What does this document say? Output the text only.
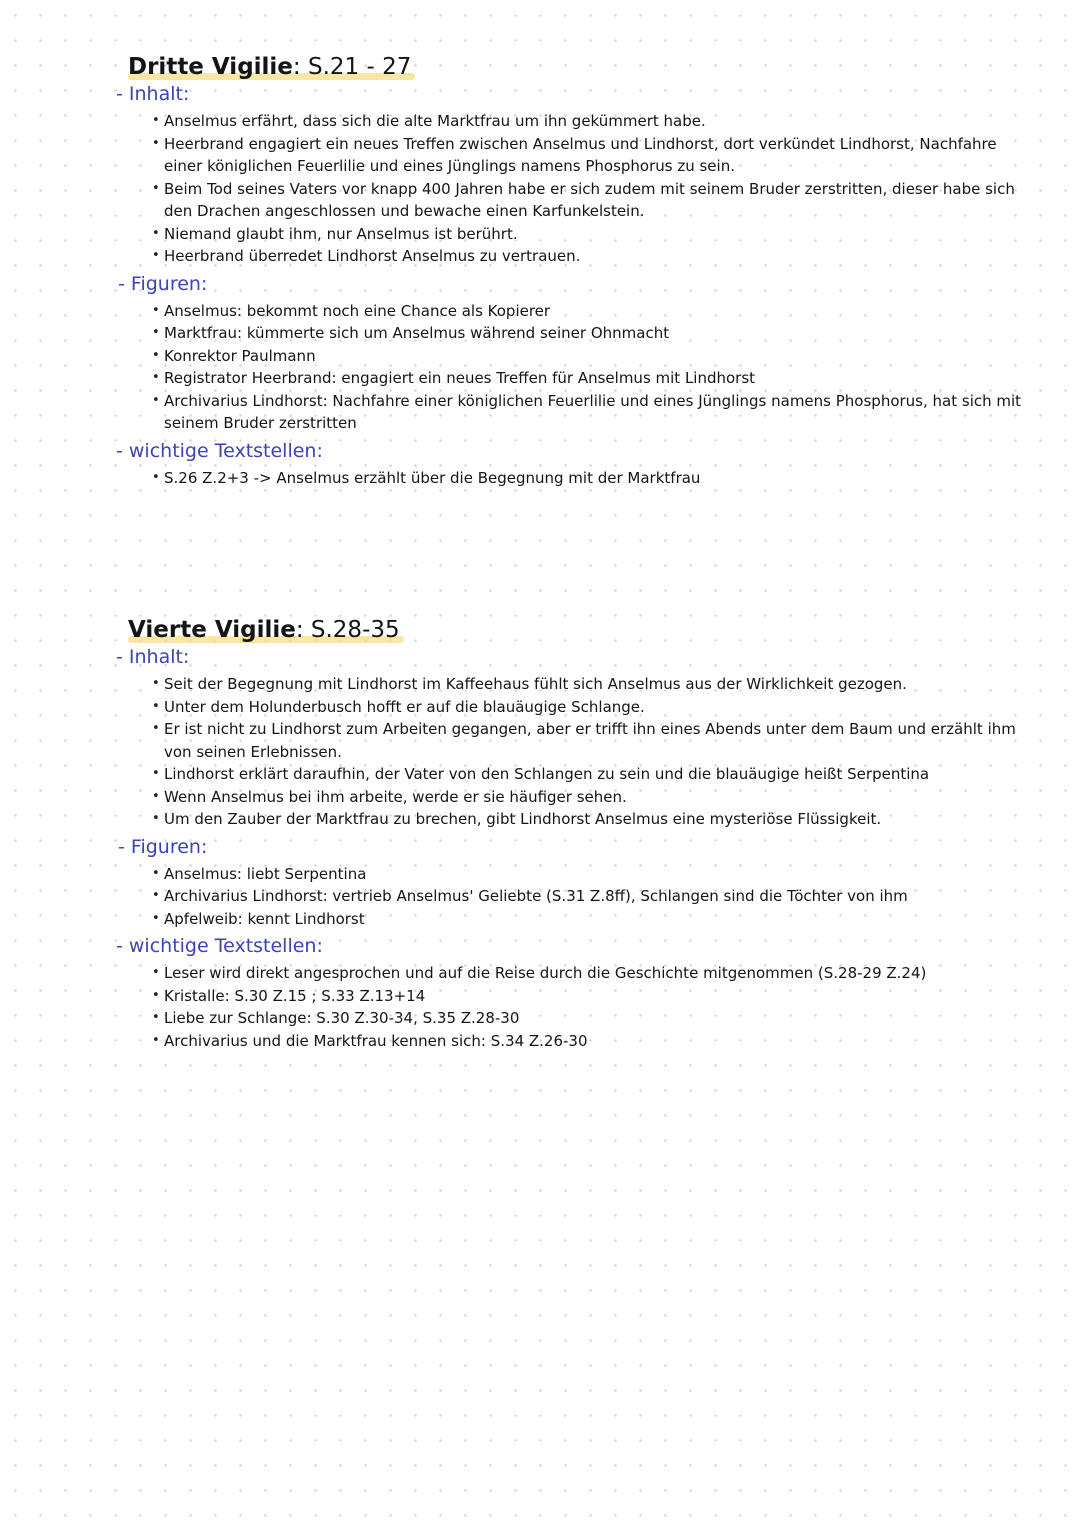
Dritte Vigilie: S.21 - 27
- Inhalt:
• Anselmus erfährt, dass sich die alte Marktfrau um ihn gekümmert habe.
• Heerbrand engagiert ein neues Treffen zwischen Anselmus und Lindhorst, dort verkündet Lindhorst, Nachfahre einer königlichen Feuerlilie und eines Jünglings namens Phosphorus zu sein.
• Beim Tod seines Vaters vor knapp 400 Jahren habe er sich zudem mit seinem Bruder zerstritten, dieser habe sich den Drachen angeschlossen und bewache einen Karfunkelstein.
• Niemand glaubt ihm, nur Anselmus ist berührt.
• Heerbrand überredet Lindhorst Anselmus zu vertrauen.
- Figuren:
• Anselmus: bekommt noch eine Chance als Kopierer
• Marktfrau: kümmerte sich um Anselmus während seiner Ohnmacht
• Konrektor Paulmann
• Registrator Heerbrand: engagiert ein neues Treffen für Anselmus mit Lindhorst
• Archivarius Lindhorst: Nachfahre einer königlichen Feuerlilie und eines Jünglings namens Phosphorus, hat sich mit seinem Bruder zerstritten
- wichtige Textstellen:
• S.26 Z.2+3 -> Anselmus erzählt über die Begegnung mit der Marktfrau
Vierte Vigilie: S.28-35
- Inhalt:
• Seit der Begegnung mit Lindhorst im Kaffeehaus fühlt sich Anselmus aus der Wirklichkeit gezogen.
• Unter dem Holunderbusch hofft er auf die blauäugige Schlange.
• Er ist nicht zu Lindhorst zum Arbeiten gegangen, aber er trifft ihn eines Abends unter dem Baum und erzählt ihm von seinen Erlebnissen.
• Lindhorst erklärt daraufhin, der Vater von den Schlangen zu sein und die blauäugige heißt Serpentina
• Wenn Anselmus bei ihm arbeite, werde er sie häufiger sehen.
• Um den Zauber der Marktfrau zu brechen, gibt Lindhorst Anselmus eine mysteriöse Flüssigkeit.
- Figuren:
• Anselmus: liebt Serpentina
• Archivarius Lindhorst: vertrieb Anselmus' Geliebte (S.31 Z.8ff), Schlangen sind die Töchter von ihm
• Apfelweib: kennt Lindhorst
- wichtige Textstellen:
• Leser wird direkt angesprochen und auf die Reise durch die Geschichte mitgenommen (S.28-29 Z.24)
• Kristalle: S.30 Z.15 ; S.33 Z.13+14
• Liebe zur Schlange: S.30 Z.30-34, S.35 Z.28-30
• Archivarius und die Marktfrau kennen sich: S.34 Z.26-30
